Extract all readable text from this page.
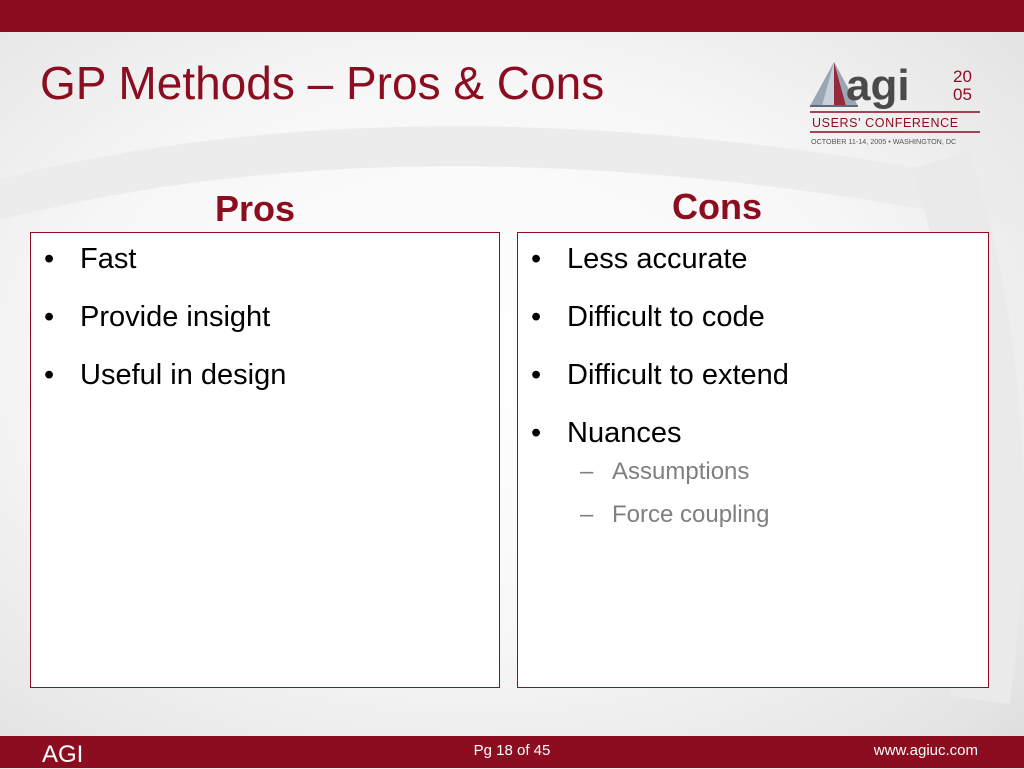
GP Methods – Pros & Cons	agi	20
05
USERS' CONFERENCE
OCTOBER 11-14, 2005 • WASHINGTON, DC
Pros	Cons
• Fast
• Provide insight
• Useful in design
• Less accurate
• Difficult to code
• Difficult to extend
• Nuances
– Assumptions
– Force coupling
AGI	Pg 18 of 45	www.agiuc.com
